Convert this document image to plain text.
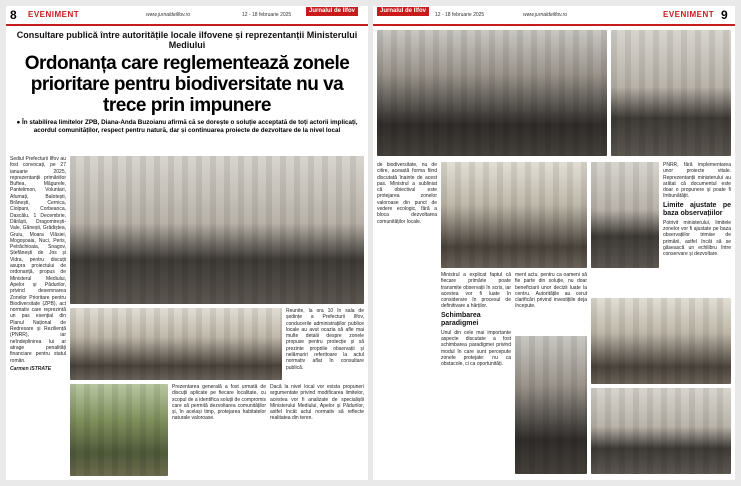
8 EVENIMENT	www.jurnaldeilfov.ro	12 - 18 februarie 2025
Jurnalul de Ilfov
Consultare publică între autoritățile locale ilfovene și reprezentanții Ministerului Mediului
Ordonanța care reglementează zonele prioritare pentru biodiversitate nu va trece prin impunere
● În stabilirea limitelor ZPB, Diana-Anda Buzoianu afirmă că se dorește o soluție acceptată de toți actorii implicați, acordul comunităților, respect pentru natură, dar și continuarea proiecte de dezvoltare de la nivel local

Sediul Prefecturii Ilfov au fost convocați, pe 27 ianuarie 2025, reprezentanții primăriilor Buftea, Măgurele, Pantelimon, Voluntari, Afumați, Balotești, Brănești, Cernica, Ciolpani, Corbeanca, Dascălu, 1 Decembrie, Dărăști, Dragomirești-Vale, Gănești, Grădiștea, Gruiu, Moara Vlăsiei, Mogoșoaia, Nuci, Peris, Petrăchioaia, Snagov, Ștefănești de Jos și Vidra, pentru discuții asupra proiectului de ordonanță, propus de Ministerul Mediului, Apelor și Pădurilor, privind desemnarea Zonelor Prioritare pentru Biodiversitate (ZPB), act normativ care reprezintă un pas esențial din Planul Național de Redresare și Reziliență (PNRR), iar neîndeplinirea lui ar atrage penalități financiare pentru statul român.

Carmen ISTRATE

Reunite, la ora 10 în sala de ședințe a Prefecturii Ilfov, conducerile administrațiilor publice locale au avut ocazia să afle mai multe detalii despre zonele propuse pentru protecție și să prezinte propriile observații și nelămuriri referitoare la actul normativ aflat în consultare publică.

Prezentarea generală a fost urmată de discuții aplicate pe fiecare localitate, cu scopul de a identifica soluții de compromis care să permită dezvoltarea comunităților și, în același timp, protejarea habitatelor naturale valoroase.

Dacă la nivel local vor exista propuneri argumentate privind modificarea limitelor, acestea vor fi analizate de specialiștii Ministerului Mediului, Apelor și Pădurilor, astfel încât actul normativ să reflecte realitatea din teren.

Jurnalul de Ilfov
12 - 18 februarie 2025	www.jurnaldeilfov.ro	EVENIMENT 9

de biodiversitate, nu de citire, această forma fiind discutată înainte de acest pas. Ministrul a subliniat că obiectivul este protejarea zonelor valoroase din punct de vedere ecologic, fără a bloca dezvoltarea comunităților locale.

PNRR, fără implementarea unor proiecte vitale. Reprezentanții ministerului au arătat că documentul este doar o propunere și poate fi îmbunătățit.

Limite ajustate pe baza observațiilor

Potrivit ministerului, limitele zonelor vor fi ajustate pe baza observațiilor trimise de primării, astfel încât să se găsească un echilibru între conservare și dezvoltare.

Ministrul a explicat faptul că fiecare primărie poate transmite observații în scris, iar acestea vor fi luate în considerare în procesul de definitivare a hărților.

Schimbarea paradigmei

Unul din cele mai importante aspecte discutate a fost schimbarea paradigmei privind modul în care sunt percepute zonele protejate: nu ca obstacole, ci ca oportunități.

ment actu. pentru ca oameni să fie parte din soluție, nu doar beneficiarii unor decizii luate la centru. Autoritățile au cerut clarificări privind investițiile deja începute.
